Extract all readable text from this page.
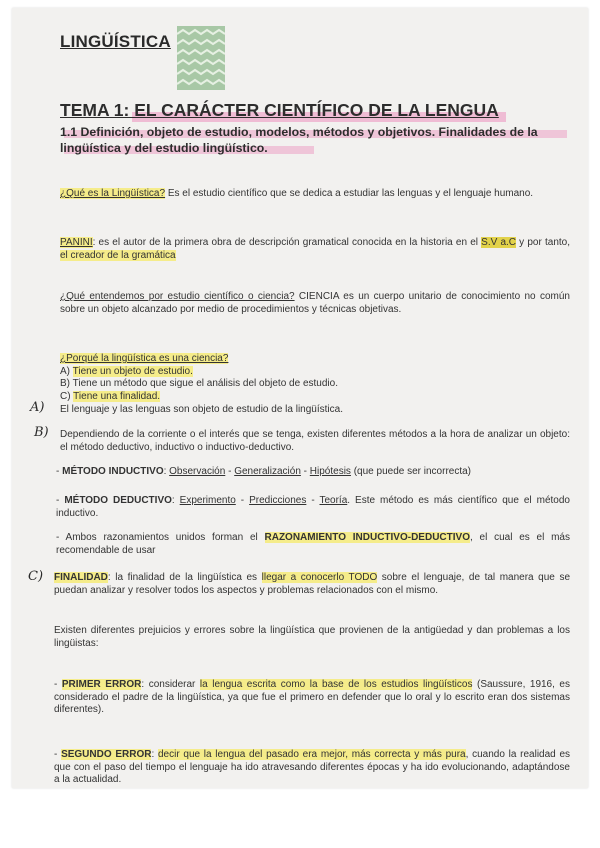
LINGÜÍSTICA
TEMA 1: EL CARÁCTER CIENTÍFICO DE LA LENGUA
1.1 Definición, objeto de estudio, modelos, métodos y objetivos. Finalidades de la lingüística y del estudio lingüístico.
¿Qué es la Lingüística? Es el estudio científico que se dedica a estudiar las lenguas y el lenguaje humano.
PANINI: es el autor de la primera obra de descripción gramatical conocida en la historia en el S.V a.C y por tanto, el creador de la gramática
¿Qué entendemos por estudio científico o ciencia? CIENCIA es un cuerpo unitario de conocimiento no común sobre un objeto alcanzado por medio de procedimientos y técnicas objetivas.
¿Porqué la lingüística es una ciencia?
A) Tiene un objeto de estudio.
B) Tiene un método que sigue el análisis del objeto de estudio.
C) Tiene una finalidad.
A) El lenguaje y las lenguas son objeto de estudio de la lingüística.
B) Dependiendo de la corriente o el interés que se tenga, existen diferentes métodos a la hora de analizar un objeto: el método deductivo, inductivo o inductivo-deductivo.
- MÉTODO INDUCTIVO: Observación - Generalización - Hipótesis (que puede ser incorrecta)
- MÉTODO DEDUCTIVO: Experimento - Predicciones - Teoría. Este método es más científico que el método inductivo.
- Ambos razonamientos unidos forman el RAZONAMIENTO INDUCTIVO-DEDUCTIVO, el cual es el más recomendable de usar
C) FINALIDAD: la finalidad de la lingüística es llegar a conocerlo TODO sobre el lenguaje, de tal manera que se puedan analizar y resolver todos los aspectos y problemas relacionados con el mismo.
Existen diferentes prejuicios y errores sobre la lingüística que provienen de la antigüedad y dan problemas a los lingüistas:
- PRIMER ERROR: considerar la lengua escrita como la base de los estudios lingüísticos (Saussure, 1916, es considerado el padre de la lingüística, ya que fue el primero en defender que lo oral y lo escrito eran dos sistemas diferentes).
- SEGUNDO ERROR: decir que la lengua del pasado era mejor, más correcta y más pura, cuando la realidad es que con el paso del tiempo el lenguaje ha ido atravesando diferentes épocas y ha ido evolucionando, adaptándose a la actualidad.
